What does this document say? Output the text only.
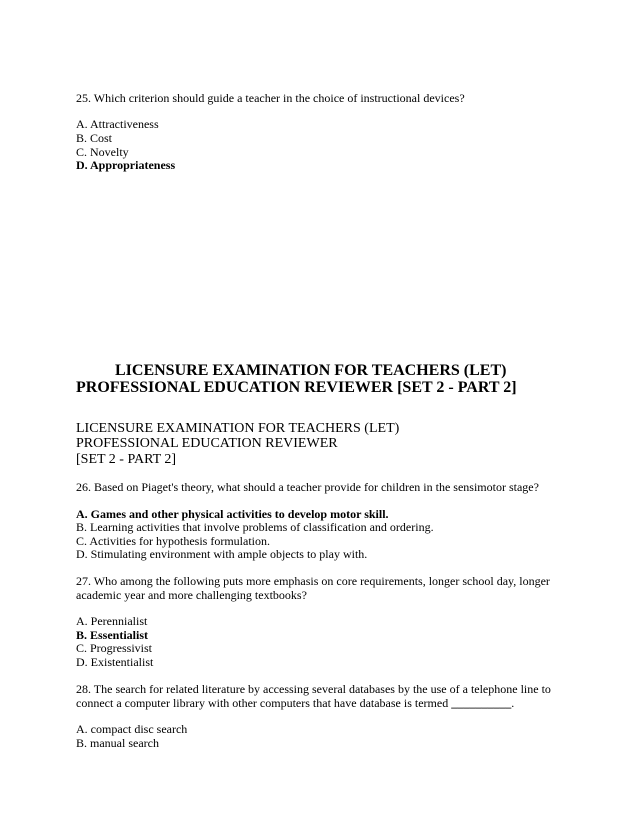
25. Which criterion should guide a teacher in the choice of instructional devices?
A. Attractiveness
B. Cost
C. Novelty
D. Appropriateness
LICENSURE EXAMINATION FOR TEACHERS (LET)
PROFESSIONAL EDUCATION REVIEWER [SET 2 - PART 2]
LICENSURE EXAMINATION FOR TEACHERS (LET)
PROFESSIONAL EDUCATION REVIEWER
[SET 2 - PART 2]
26. Based on Piaget's theory, what should a teacher provide for children in the sensimotor stage?
A. Games and other physical activities to develop motor skill.
B. Learning activities that involve problems of classification and ordering.
C. Activities for hypothesis formulation.
D. Stimulating environment with ample objects to play with.
27. Who among the following puts more emphasis on core requirements, longer school day, longer
academic year and more challenging textbooks?
A. Perennialist
B. Essentialist
C. Progressivist
D. Existentialist
28. The search for related literature by accessing several databases by the use of a telephone line to
connect a computer library with other computers that have database is termed __________.
A. compact disc search
B. manual search
